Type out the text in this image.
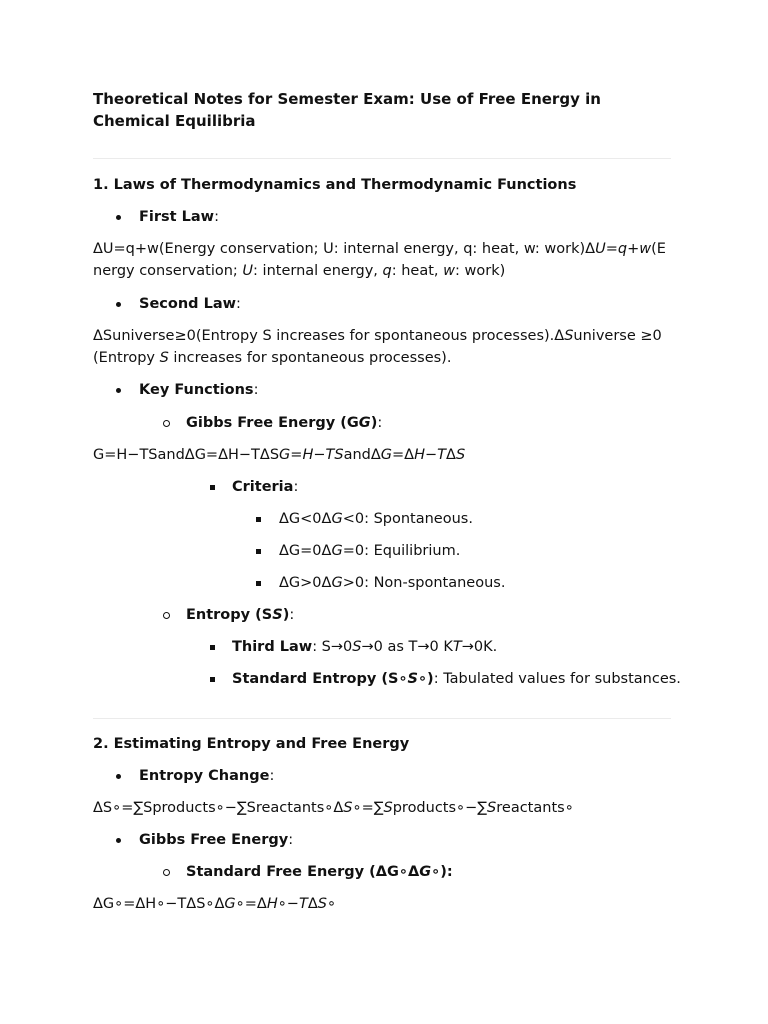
Theoretical Notes for Semester Exam: Use of Free Energy in Chemical Equilibria
1. Laws of Thermodynamics and Thermodynamic Functions

First Law:

ΔU=q+w(Energy conservation; U: internal energy, q: heat, w: work)ΔU=q+w(Energy conservation; U: internal energy, q: heat, w: work)

Second Law:

ΔSuniverse≥0(Entropy S increases for spontaneous processes).ΔSuniverse ≥0(Entropy S increases for spontaneous processes).

Key Functions:

Gibbs Free Energy (GG):

G=H−TSandΔG=ΔH−TΔSG=H−TSandΔG=ΔH−TΔS

Criteria:

ΔG<0ΔG<0: Spontaneous.

ΔG=0ΔG=0: Equilibrium.

ΔG>0ΔG>0: Non-spontaneous.

Entropy (SS):

Third Law: S→0S→0 as T→0 KT→0K.

Standard Entropy (S∘S∘): Tabulated values for substances.

2. Estimating Entropy and Free Energy

Entropy Change:

ΔS∘=∑Sproducts∘−∑Sreactants∘ΔS∘=∑Sproducts∘−∑Sreactants∘

Gibbs Free Energy:

Standard Free Energy (ΔG∘ΔG∘):

ΔG∘=ΔH∘−TΔS∘ΔG∘=ΔH∘−TΔS∘
